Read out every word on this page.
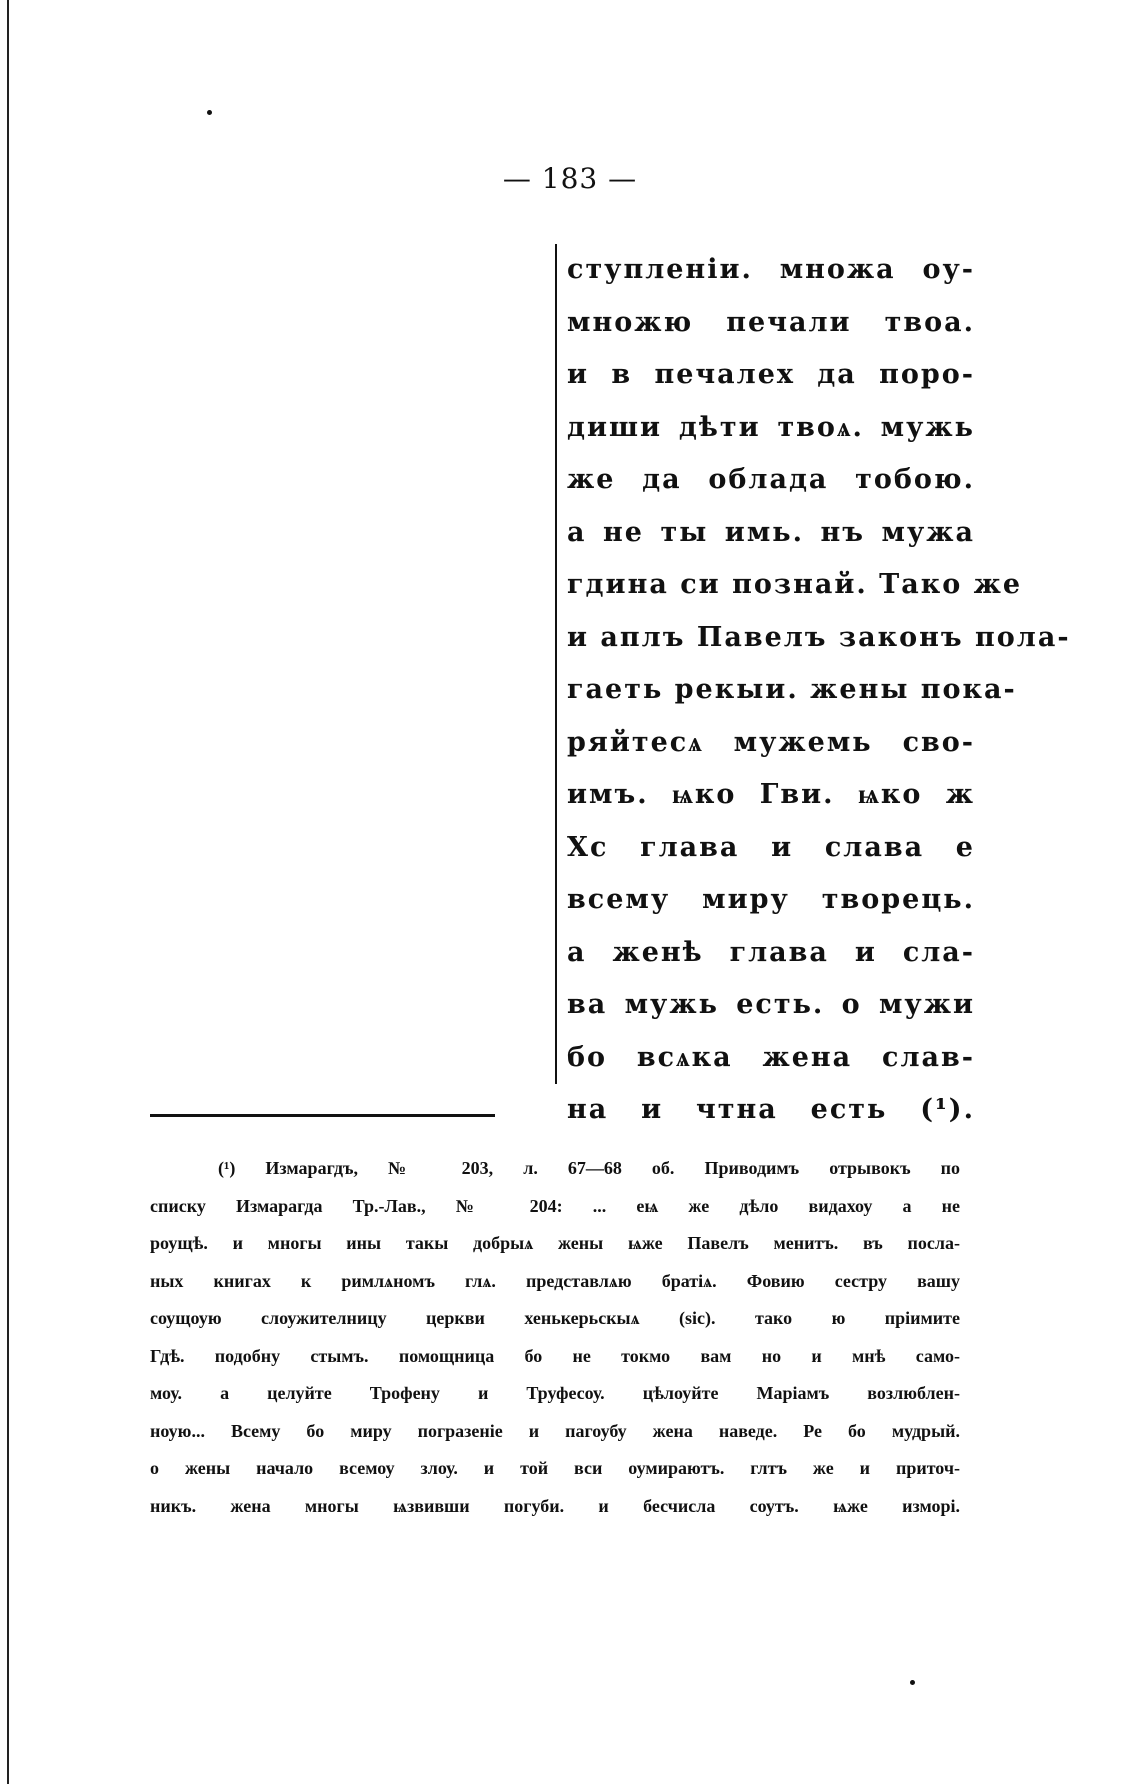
— 183 —
ступленіи. множа оу-
множю печали твоа.
и в печалех да поро-
диши дѣти твоѧ. мужь
же да облада тобою.
а не ты имь. нъ мужа
гдина си познай. Тако же
и аплъ Павелъ законъ пола-
гаеть рекыи. жены пока-
ряйтесѧ мужемь сво-
имъ. ѩко Гви. ѩко ж
Хс глава и слава е
всему миру творець.
а женѣ глава и сла-
ва мужь есть. о мужи
бо всѧка жена слав-
на и чтна есть (¹).
(¹) Измарагдъ, № 203, л. 67—68 об. Приводимъ отрывокъ по
списку Измарагда Тр.-Лав., № 204: ... еѩ же дѣло видахоу а не
роущѣ. и многы ины такы добрыѧ жены ѩже Павелъ менитъ. въ посла-
ных книгах к римлѧномъ глѧ. представлѧю братіѧ. Фовию сестру вашу
соущоую слоужителницу церкви хенькерьскыѧ (sic). тако ю пріимите
Гдѣ. подобну стымъ. помощница бо не токмо вам но и мнѣ само-
моу. а целуйте Трофену и Труфесоу. цѣлоуйте Маріамъ возлюблен-
ноую... Всему бо миру погразеніе и пагоубу жена наведе. Ре бо мудрый.
о жены начало всемоу злоу. и той вси оумираютъ. глтъ же и приточ-
никъ. жена многы ѩзвивши погуби. и бесчисла соутъ. ѩже изморі.
